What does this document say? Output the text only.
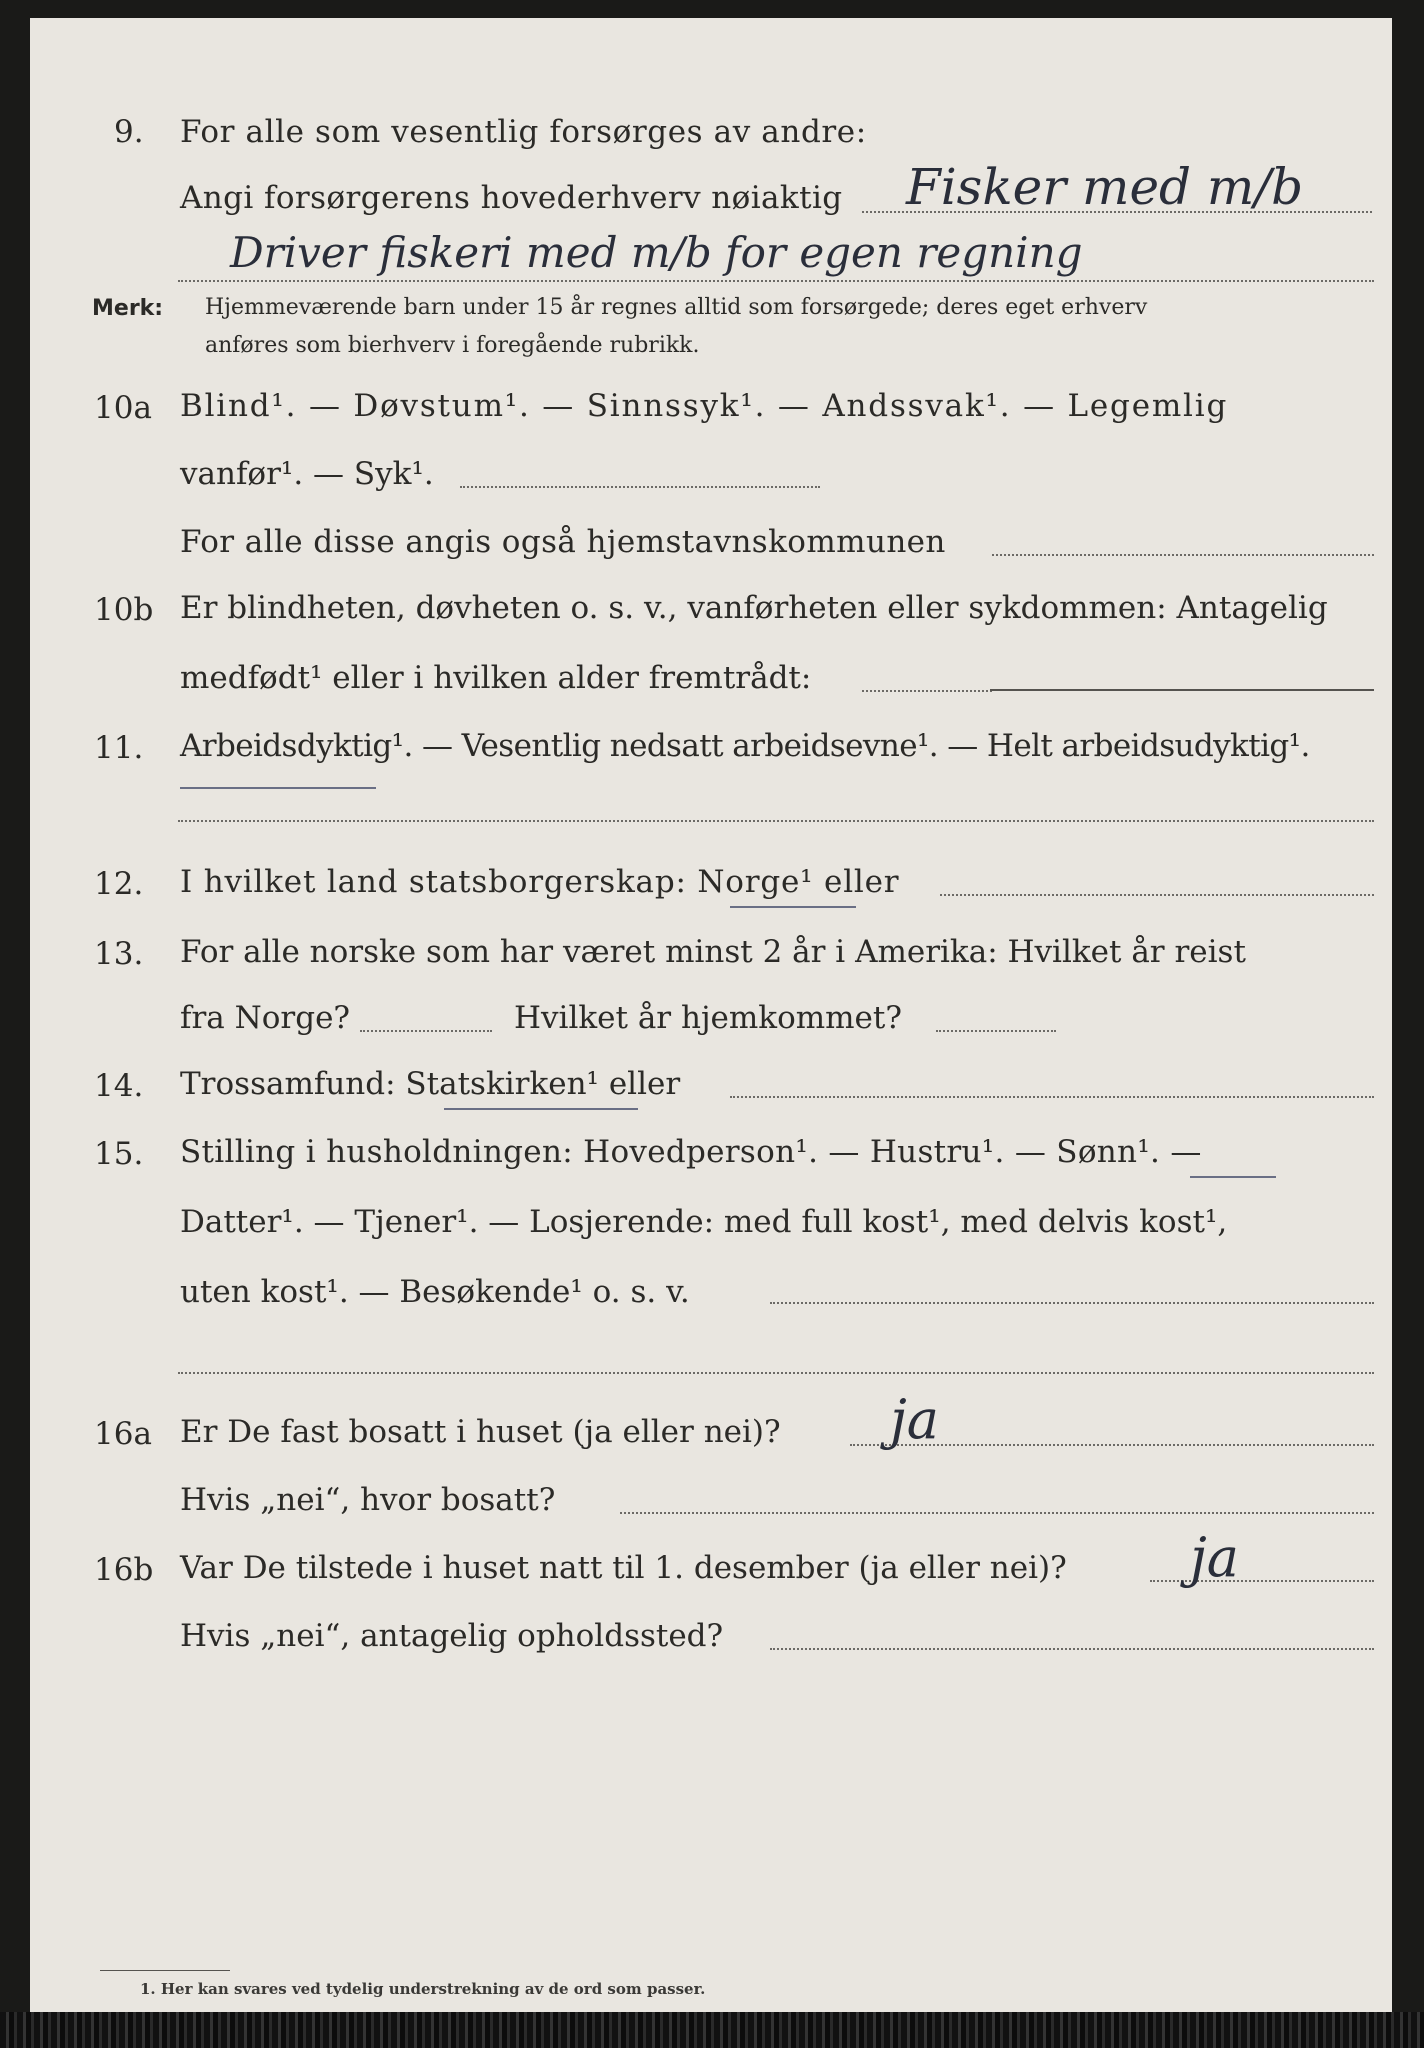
9. For alle som vesentlig forsørges av andre:
Angi forsørgerens hovederhverv nøiaktig Fisker med m/b
Driver fiskeri med m/b for egen regning
Merk: Hjemmeværende barn under 15 år regnes alltid som forsørgede; deres eget erhverv
anføres som bierhverv i foregående rubrikk.
10a Blind¹. — Døvstum¹. — Sinnssyk¹. — Andssvak¹. — Legemlig
vanfør¹. — Syk¹.
For alle disse angis også hjemstavnskommunen
10b Er blindheten, døvheten o. s. v., vanførheten eller sykdommen: Antagelig
medfødt¹ eller i hvilken alder fremtrådt:
11. Arbeidsdyktig¹. — Vesentlig nedsatt arbeidsevne¹. — Helt arbeidsudyktig¹.
12. I hvilket land statsborgerskap: Norge¹ eller
13. For alle norske som har været minst 2 år i Amerika: Hvilket år reist
fra Norge?	Hvilket år hjemkommet?
14. Trossamfund: Statskirken¹ eller
15. Stilling i husholdningen: Hovedperson¹. — Hustru¹. — Sønn¹. —
Datter¹. — Tjener¹. — Losjerende: med full kost¹, med delvis kost¹,
uten kost¹. — Besøkende¹ o. s. v.
16a Er De fast bosatt i huset (ja eller nei)? ja
Hvis „nei“, hvor bosatt?
16b Var De tilstede i huset natt til 1. desember (ja eller nei)? ja
Hvis „nei“, antagelig opholdssted?
1. Her kan svares ved tydelig understrekning av de ord som passer.
